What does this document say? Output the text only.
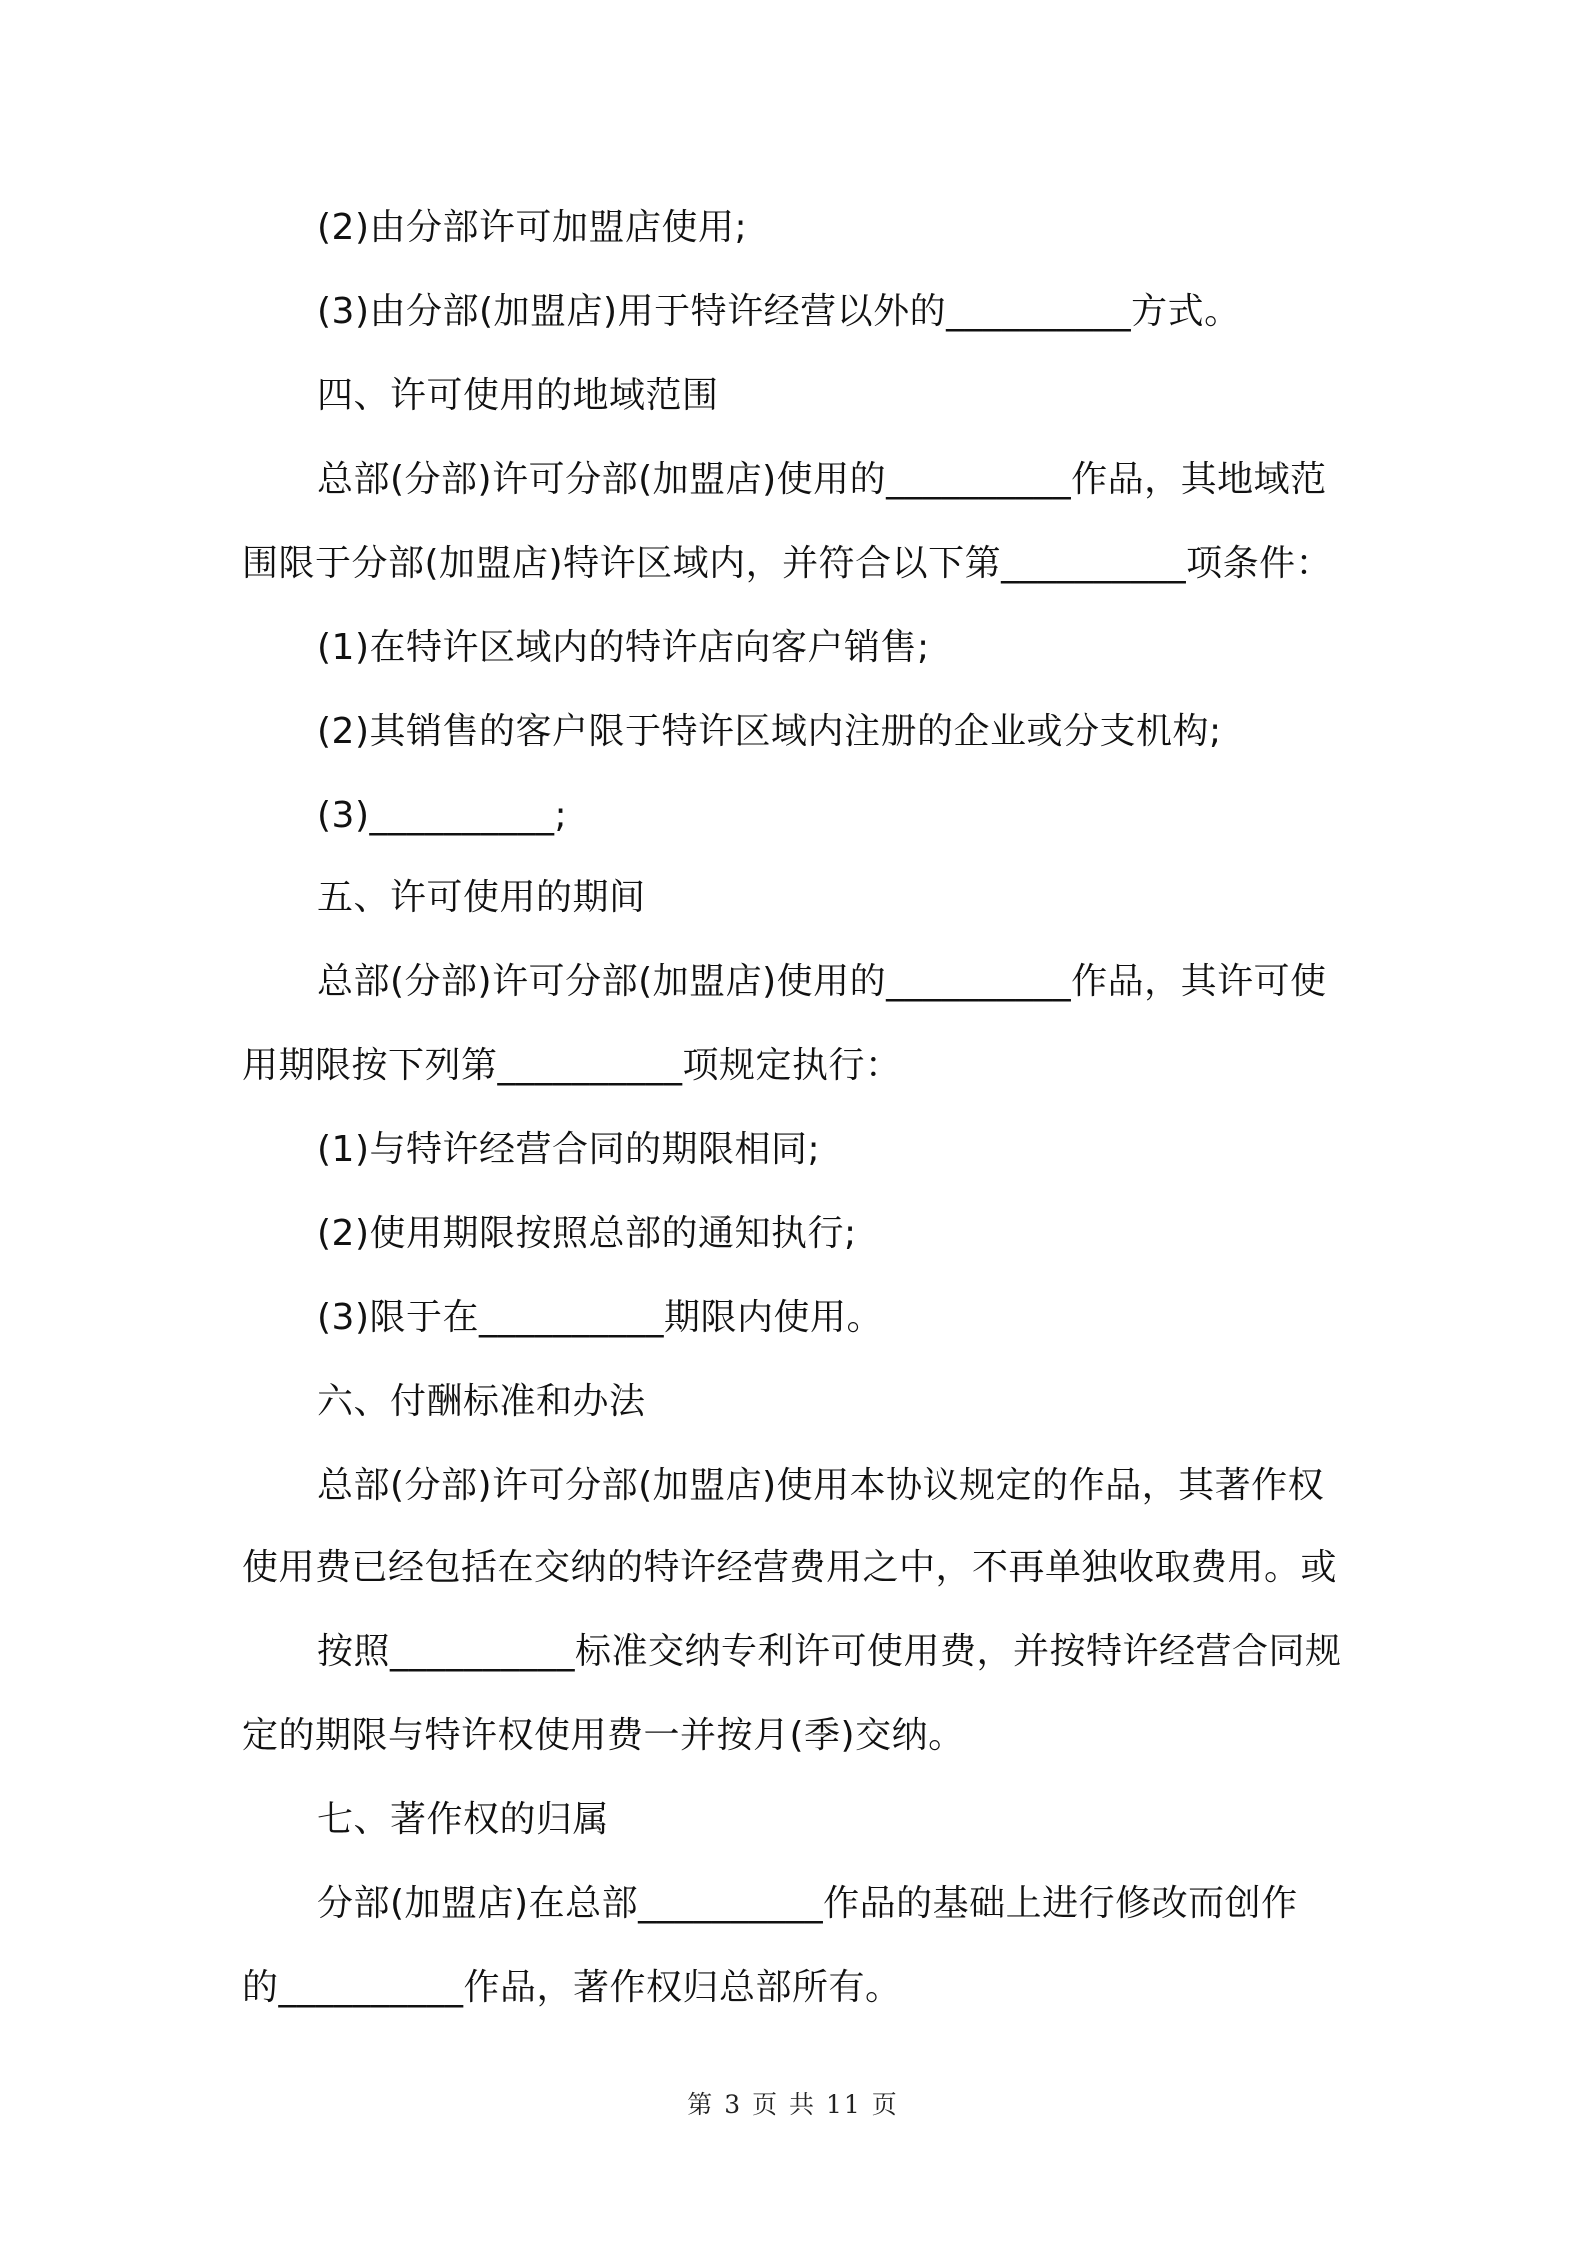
(2)由分部许可加盟店使用;
(3)由分部(加盟店)用于特许经营以外的__________方式。
四、许可使用的地域范围
总部(分部)许可分部(加盟店)使用的__________作品，其地域范
围限于分部(加盟店)特许区域内，并符合以下第__________项条件：
(1)在特许区域内的特许店向客户销售;
(2)其销售的客户限于特许区域内注册的企业或分支机构;
(3)__________;
五、许可使用的期间
总部(分部)许可分部(加盟店)使用的__________作品，其许可使
用期限按下列第__________项规定执行：
(1)与特许经营合同的期限相同;
(2)使用期限按照总部的通知执行;
(3)限于在__________期限内使用。
六、付酬标准和办法
总部(分部)许可分部(加盟店)使用本协议规定的作品，其著作权
使用费已经包括在交纳的特许经营费用之中，不再单独收取费用。或
按照__________标准交纳专利许可使用费，并按特许经营合同规
定的期限与特许权使用费一并按月(季)交纳。
七、著作权的归属
分部(加盟店)在总部__________作品的基础上进行修改而创作
的__________作品，著作权归总部所有。
第 3 页 共 11 页
